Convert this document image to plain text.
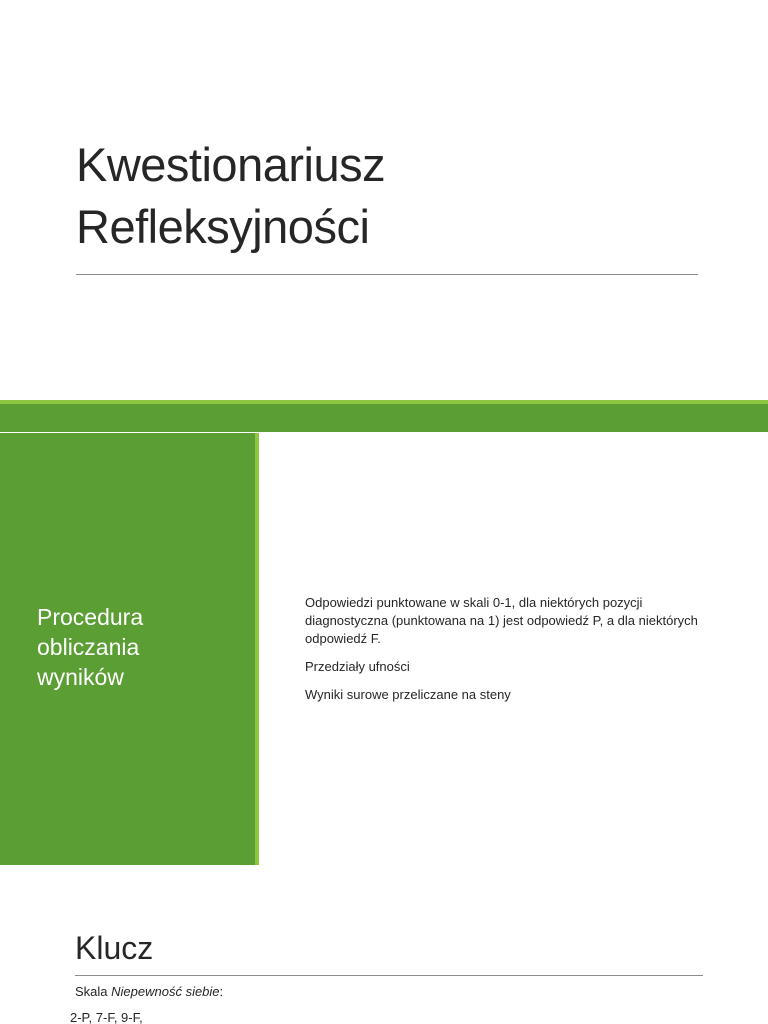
Kwestionariusz
Refleksyjności
Procedura
obliczania
wyników

Odpowiedzi punktowane w skali 0-1, dla niektórych pozycji diagnostyczna (punktowana na 1) jest odpowiedź P, a dla niektórych odpowiedź F.

Przedziały ufności

Wyniki surowe przeliczane na steny

Klucz
Skala Niepewność siebie:
2-P, 7-F, 9-F,
